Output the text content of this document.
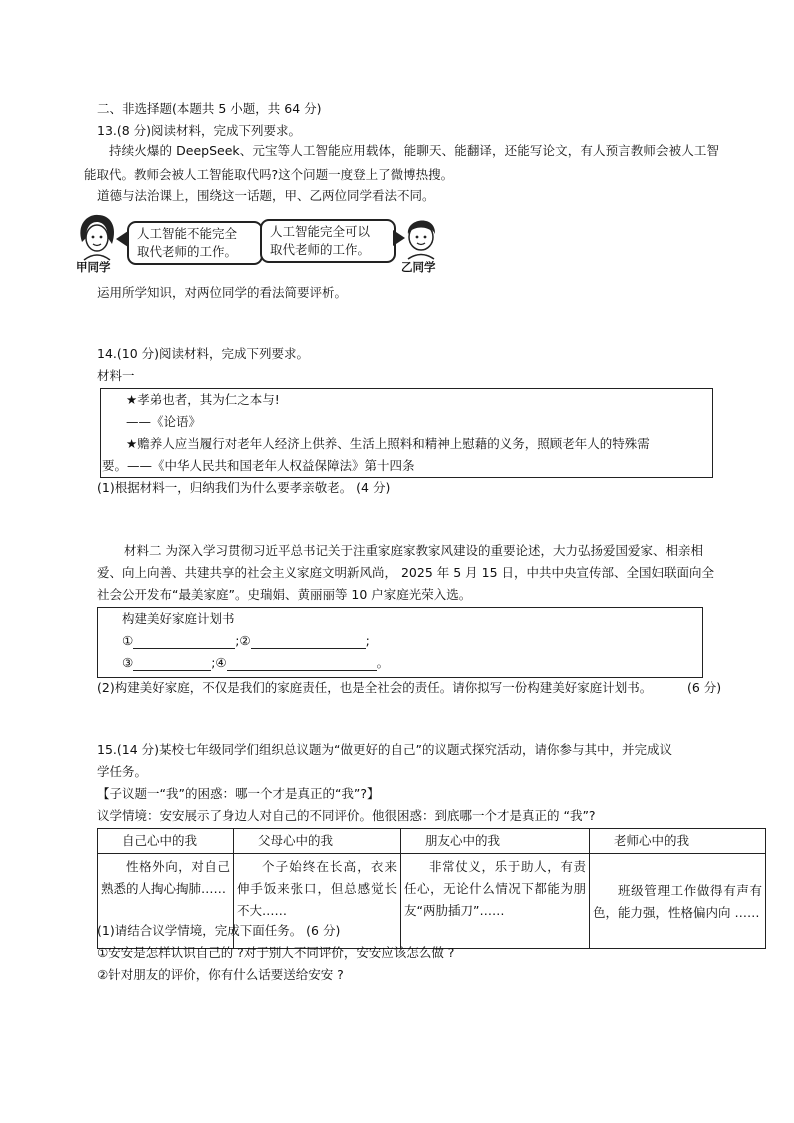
二、非选择题(本题共 5 小题，共 64 分)
13.(8 分)阅读材料，完成下列要求。
持续火爆的 DeepSeek、元宝等人工智能应用载体，能聊天、能翻译，还能写论文，有人预言教师会被人工智能取代。教师会被人工智能取代吗?这个问题一度登上了微博热搜。
道德与法治课上，围绕这一话题，甲、乙两位同学看法不同。
甲同学
人工智能不能完全
取代老师的工作。
人工智能完全可以
取代老师的工作。
乙同学
运用所学知识，对两位同学的看法简要评析。
14.(10 分)阅读材料，完成下列要求。
材料一
★孝弟也者，其为仁之本与!
——《论语》
★赡养人应当履行对老年人经济上供养、生活上照料和精神上慰藉的义务，照顾老年人的特殊需
要。——《中华人民共和国老年人权益保障法》第十四条
(1)根据材料一，归纳我们为什么要孝亲敬老。 (4 分)
材料二 为深入学习贯彻习近平总书记关于注重家庭家教家风建设的重要论述，大力弘扬爱国爱家、相亲相
爱、向上向善、共建共享的社会主义家庭文明新风尚， 2025 年 5 月 15 日，中共中央宣传部、全国妇联面向全
社会公开发布“最美家庭”。史瑞娟、黄丽丽等 10 户家庭光荣入选。
构建美好家庭计划书
①	;②	;
③	;④	。
(2)构建美好家庭，不仅是我们的家庭责任，也是全社会的责任。请你拟写一份构建美好家庭计划书。	(6 分)
15.(14 分)某校七年级同学们组织总议题为“做更好的自己”的议题式探究活动，请你参与其中，并完成议
学任务。
【子议题一“我”的困惑：哪一个才是真正的“我”?】
议学情境：安安展示了身边人对自己的不同评价。他很困惑：到底哪一个才是真正的 “我”?
自己心中的我	父母心中的我	朋友心中的我	老师心中的我
性格外向，对自己熟悉的人掏心掏肺……	个子始终在长高，衣来伸手饭来张口，但总感觉长不大……	非常仗义，乐于助人，有责任心，无论什么情况下都能为朋友“两肋插刀”……	班级管理工作做得有声有色，能力强，性格偏内向 ……
(1)请结合议学情境，完成下面任务。 (6 分)
①安安是怎样认识自己的 ?对于别人不同评价，安安应该怎么做 ?
②针对朋友的评价，你有什么话要送给安安 ?
